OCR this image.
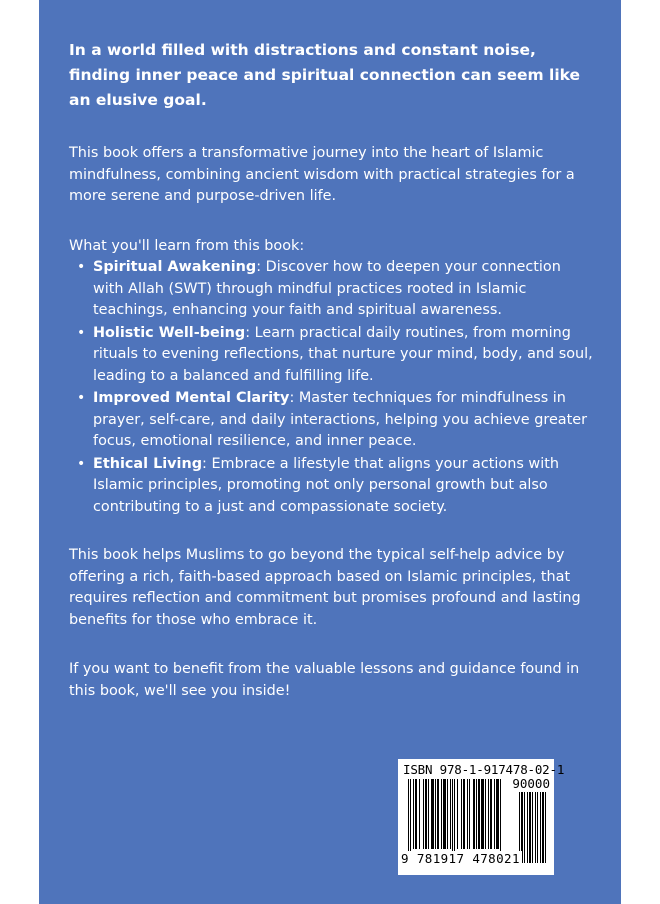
In a world filled with distractions and constant noise, finding inner peace and spiritual connection can seem like an elusive goal.

This book offers a transformative journey into the heart of Islamic mindfulness, combining ancient wisdom with practical strategies for a more serene and purpose-driven life.

What you'll learn from this book:

• Spiritual Awakening: Discover how to deepen your connection with Allah (SWT) through mindful practices rooted in Islamic teachings, enhancing your faith and spiritual awareness.
• Holistic Well-being: Learn practical daily routines, from morning rituals to evening reflections, that nurture your mind, body, and soul, leading to a balanced and fulfilling life.
• Improved Mental Clarity: Master techniques for mindfulness in prayer, self-care, and daily interactions, helping you achieve greater focus, emotional resilience, and inner peace.
• Ethical Living: Embrace a lifestyle that aligns your actions with Islamic principles, promoting not only personal growth but also contributing to a just and compassionate society.

This book helps Muslims to go beyond the typical self-help advice by offering a rich, faith-based approach based on Islamic principles, that requires reflection and commitment but promises profound and lasting benefits for those who embrace it.

If you want to benefit from the valuable lessons and guidance found in this book, we'll see you inside!

ISBN 978-1-917478-02-1
90000
9 781917 478021
